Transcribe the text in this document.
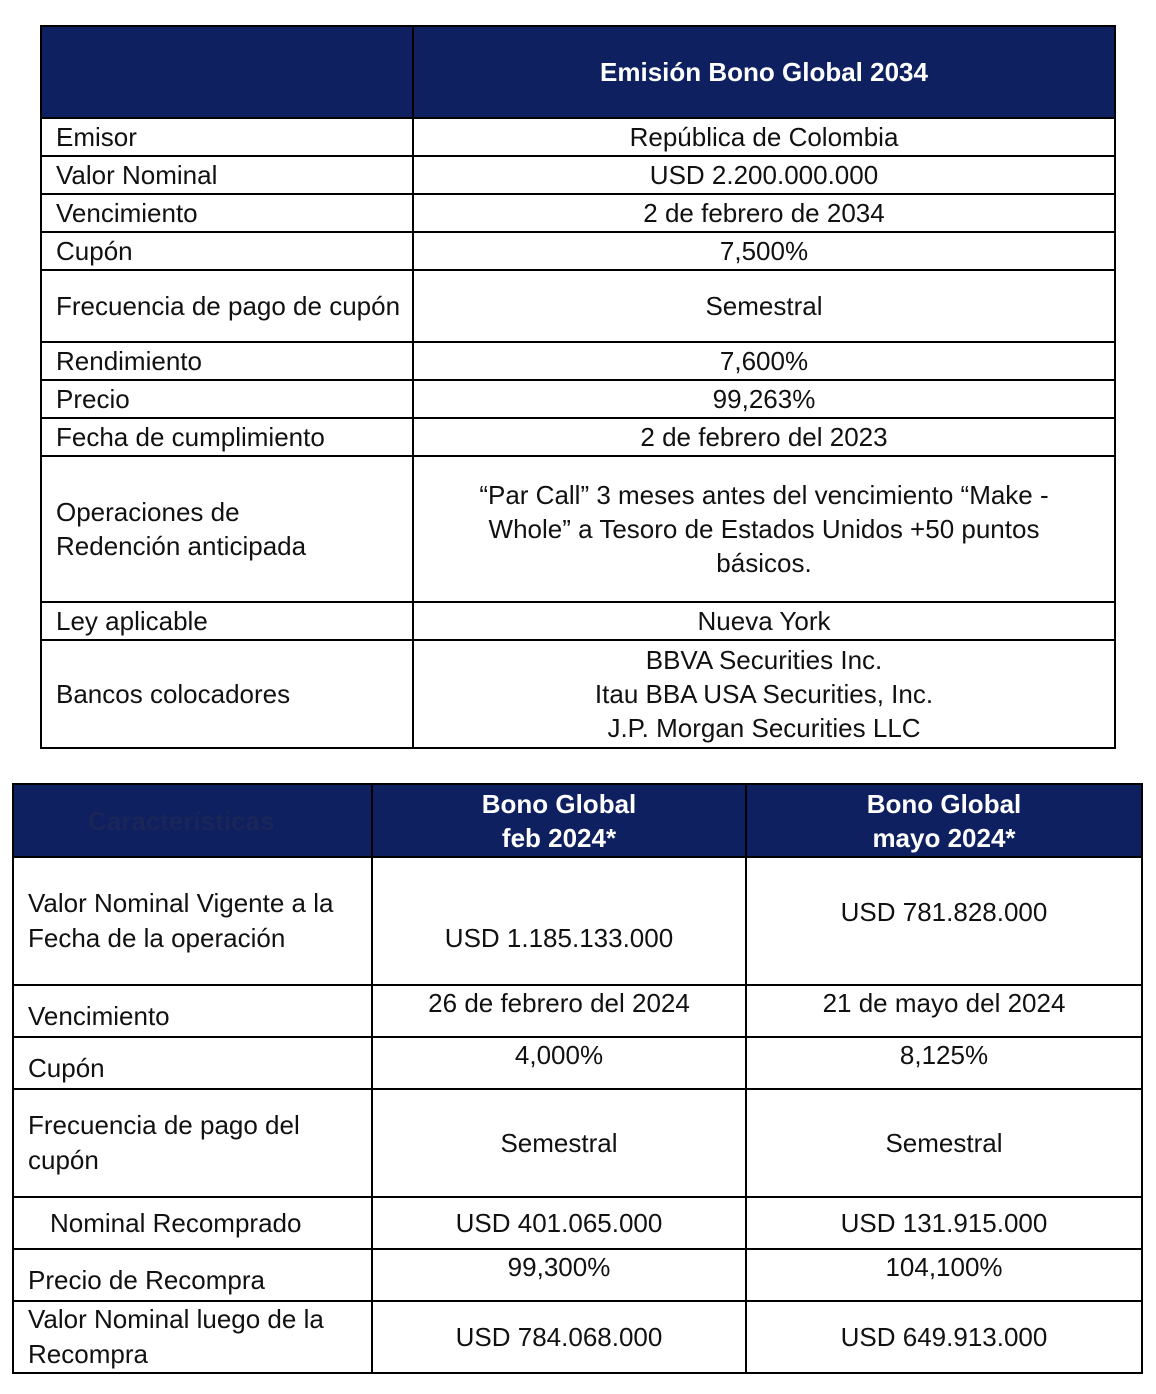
	Emisión Bono Global 2034
Emisor	República de Colombia
Valor Nominal	USD 2.200.000.000
Vencimiento	2 de febrero de 2034
Cupón	7,500%
Frecuencia de pago de cupón	Semestral
Rendimiento	7,600%
Precio	99,263%
Fecha de cumplimiento	2 de febrero del 2023
Operaciones de Redención anticipada	“Par Call” 3 meses antes del vencimiento “Make - Whole” a Tesoro de Estados Unidos +50 puntos básicos.
Ley aplicable	Nueva York
Bancos colocadores	BBVA Securities Inc.
Itau BBA USA Securities, Inc.
J.P. Morgan Securities LLC
Características	Bono Global feb 2024*	Bono Global mayo 2024*
Valor Nominal Vigente a la Fecha de la operación	USD 1.185.133.000	USD 781.828.000
Vencimiento	26 de febrero del 2024	21 de mayo del 2024
Cupón	4,000%	8,125%
Frecuencia de pago del cupón	Semestral	Semestral
Nominal Recomprado	USD 401.065.000	USD 131.915.000
Precio de Recompra	99,300%	104,100%
Valor Nominal luego de la Recompra	USD 784.068.000	USD 649.913.000
